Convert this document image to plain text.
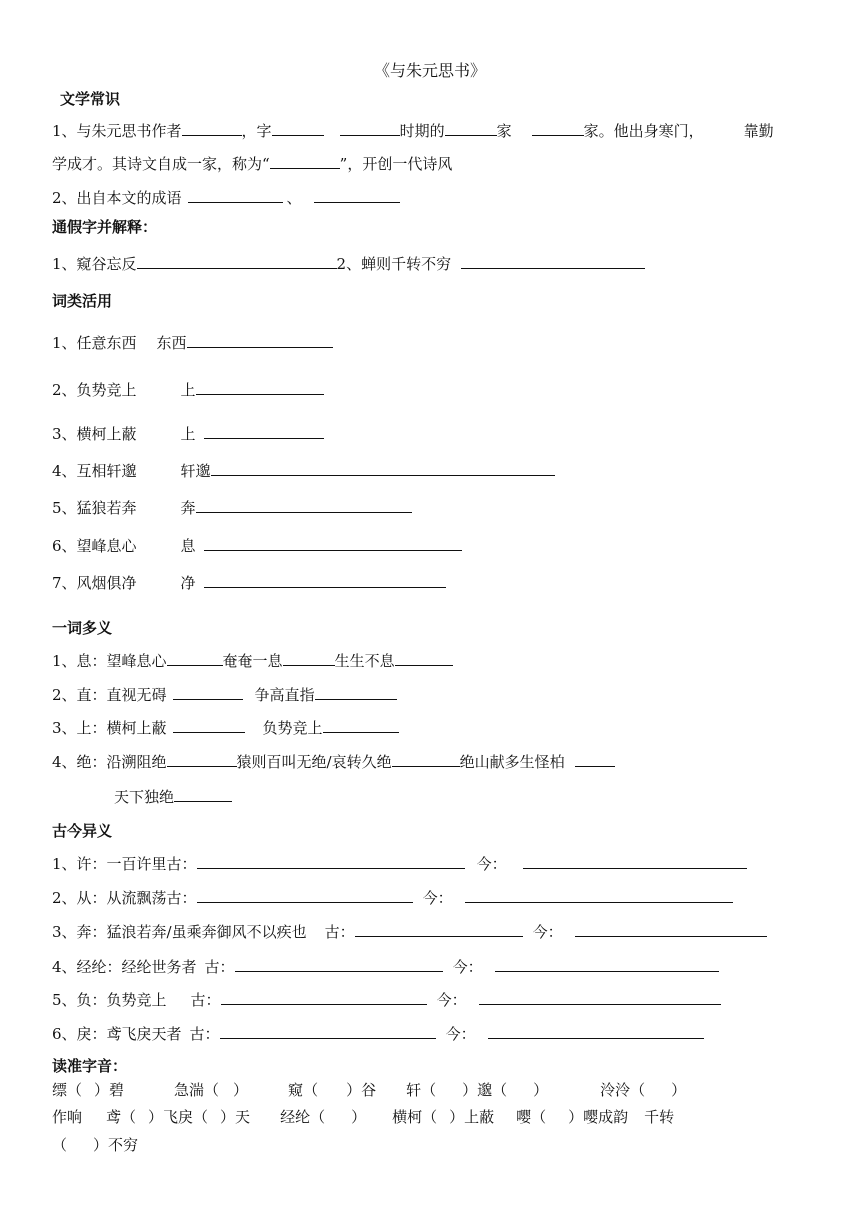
《与朱元思书》
文学常识
1、与朱元思书作者	，字	时期的	家	家。他出身寒门，	靠勤
学成才。其诗文自成一家，称为“	”，开创一代诗风
2、出自本文的成语	、
通假字并解释：
1、窥谷忘反	2、蝉则千转不穷
词类活用
1、任意东西 东西
2、负势竞上	上
3、横柯上蔽	上
4、互相轩邈	轩邈
5、猛狼若奔	奔
6、望峰息心	息
7、风烟俱净	净
一词多义
1、息：望峰息心	奄奄一息	生生不息
2、直：直视无碍	争高直指
3、上：横柯上蔽	负势竞上
4、绝：沿溯阻绝	猿则百叫无绝/哀转久绝	绝山献多生怪柏
天下独绝
古今异义
1、许：一百许里古：	今：
2、从：从流飘荡古：	今：
3、奔：猛浪若奔/虽乘奔御风不以疾也 古：	今：
4、经纶：经纶世务者 古：	今：
5、负：负势竞上 古：	今：
6、戾：鸢飞戾天者 古：	今：
读准字音：
缥（ ）碧	急湍（ ）	窥（ ）谷 轩（ ）邈（ ）	泠泠（ ）
作响 鸢（ ）飞戾（ ）天 经纶（ ） 横柯（ ）上蔽 嘤（ ）嘤成韵 千转
（ ）不穷
